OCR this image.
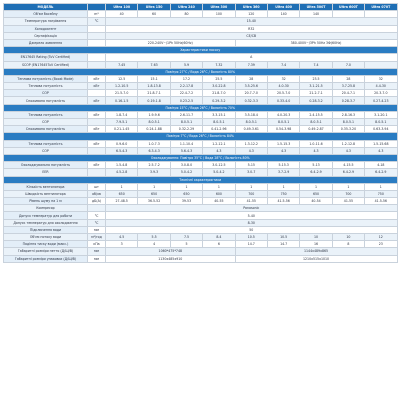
МОДЕЛЬ		Ultra 100	Ultra 150	Ultra 240	Ultra 300	Ultra 360	Ultra 400	Ultra 500T	Ultra 600T	Ultra 070T
Об'єм басейну	m³	40	60	80	100	120	140	140		
Температура нагрівання	°C	15-40								
Холодоагент		R32								
Сертифікація		CE/CB								
Джерело живлення		220-240V~/1Ph 50Hz(60Hz)				380-400V~/3Ph 50Hz 3Ф(60Hz)				
Характеристики насосу										
EN17645 Rating (TuV Certified)		A								
SCOP (EN17645TuV Certified)		7.45	7.63	5.9	7.32	7.39	7.4	7.4	7.0	
Повітря 27°C / Вода 26°C / Вологість 80%										
Теплова потужність (Boost Mode)	кВт	12.5	15.1	17.2	25.5	28	32	23.5	28	32
Теплова потужність	кВт	1.2-10.5	1.8-13.8	2.2-17.8	3.0-22.8	3.5-25.6	4.0-30	3.1-21.5	3.7-25.8	4.4-30
COP		21.5-7.0	21.8-7.1	22.4-7.2	21.8-7.0	20.7-7.0	20.5-7.0	21.2-7.1	20.4-7.1	20.3-7.0
Споживана потужність	кВт	0.16-1.5	0.19-1.8	0.23-2.5	0.29-3.2	0.32-3.3	0.33-4.0	0.28-3.2	0.28-3.7	0.27-4.23
Повітря 15°C / Вода 26°C / Вологість 70%										
Теплова потужність	кВт	1.8-7.4	1.9-9.6	2.6-11.7	3.3-15.1	3.5-18.4	4.0-20.3	2.4-15.5	2.8-16.3	3.1-20.1
COP		7.9-5.1	8.0-5.1	8.0-5.1	8.0-5.1	8.0-5.1	8.0-5.1	8.0-5.1	8.0-5.1	8.0-5.1
Споживана потужність	кВт	0.21-1.45	0.24-1.88	0.32-2.29	0.41-2.96	0.49-3.61	0.54-3.98	0.49-2.87	0.35-3.20	0.63-3.94
Повітря 7°C / Вода 26°C / Вологість 84%										
Теплова потужність	кВт	0.9-6.0	1.0-7.3	1.1-10.4	1.2-12.1	1.3-12.2	1.5-15.3	1.0-11.6	1.2-12.8	1.5-15.68
COP		6.5-4.3	6.3-4.3	5.6-4.3	4.3	4.3	4.3	4.3	4.3	4.3
Охолоджування: Повітря 35°C / Вода 28°C / Вологість 80%										
Охолоджувальна потужність	кВт	1.5-4.8	2.5-7.2	3.0-8.0	3.0-12.5	5-15	5-15.3	5-13	4-15.5	4-18
EER		4.5-2.8	3.9-3	5.0-4.2	5.0-4.2	3.0-7	3.7-2.9	6.4-2.9	6.4-2.9	6.4-2.9
Технічні характеристики										
Кількість вентилятора	шт	1	1	1	1	1	1	1	1	1
Швидкість вентилятора	об/хв	650	650	650	600	700	750	650	700	750
Рівень шуму на 1 м	дБ(А)	27-48.5	36.5-52	39-53	40-55	41-55	41.5-56	40-54	41-55	41.5-56
Компресор		Panasonic								
Допуск температур для роботи	°C	5-40								
Допуск температур для охолодження	°C	8-30								
Підключення води	мм	50								
Об'єм потоку води	м³/год	4.5	5.5	7.5	8.4	10.5	10.5	10	10	12
Падіння тиску води (макс.)	кПа	3	4	5	6	14.7	14.7	16	8	23
Габаритні розміри нетто (Д/Ш/В)	мм	1060*475*748				1144x489x865				
Габаритні розміри упаковки (Д/Ш/В)	мм	1130x485x910				1210x515x1010				
